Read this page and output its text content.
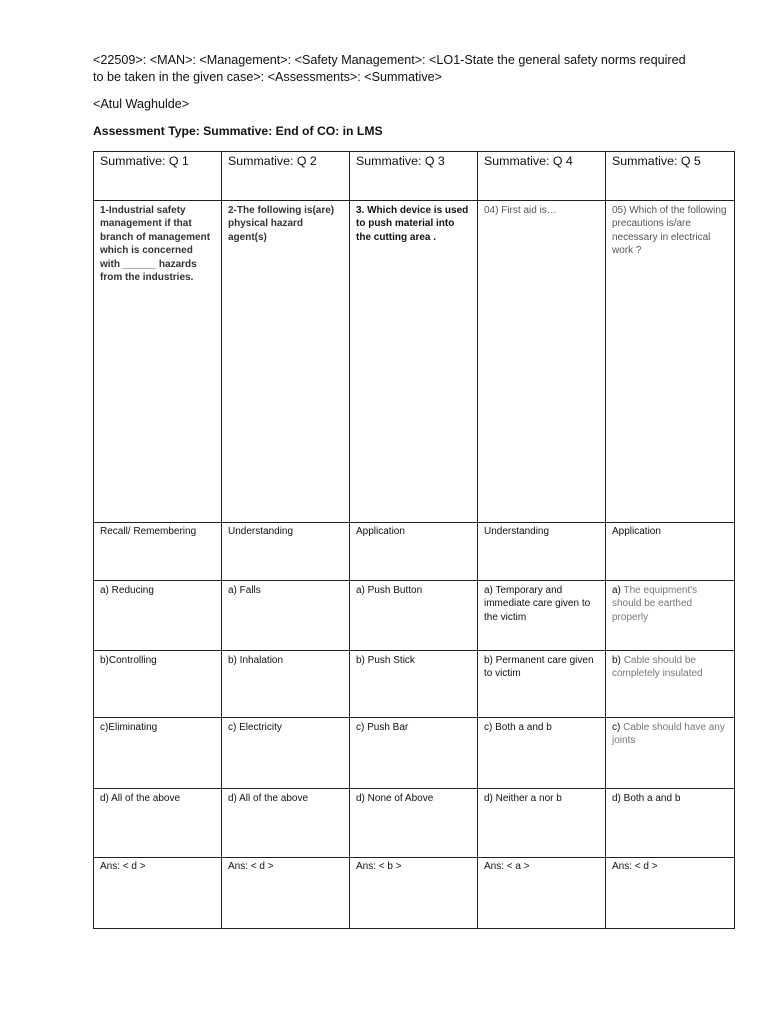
<22509>: <MAN>: <Management>: <Safety Management>: <LO1-State the general safety norms required to be taken in the given case>: <Assessments>: <Summative>
<Atul Waghulde>
Assessment Type: Summative: End of CO: in LMS
Summative: Q 1	Summative: Q 2	Summative: Q 3	Summative: Q 4	Summative: Q 5
1-Industrial safety management if that branch of management which is concerned with ______ hazards from the industries.	2-The following is(are) physical hazard agent(s)	3. Which device is used to push material into the cutting area .	04) First aid is…	05) Which of the following precautions is/are necessary in electrical work ?
Recall/ Remembering	Understanding	Application	Understanding	Application
a) Reducing	a) Falls	a) Push Button	a) Temporary and immediate care given to the victim	a) The equipment's should be earthed properly
b)Controlling	b) Inhalation	b) Push Stick	b) Permanent care given to victim	b) Cable should be completely insulated
c)Eliminating	c) Electricity	c) Push Bar	c) Both a and b	c) Cable should have any joints
d) All of the above	d) All of the above	d) None of Above	d) Neither a nor b	d) Both a and b
Ans: < d >	Ans: < d >	Ans: < b >	Ans: < a >	Ans: < d >
